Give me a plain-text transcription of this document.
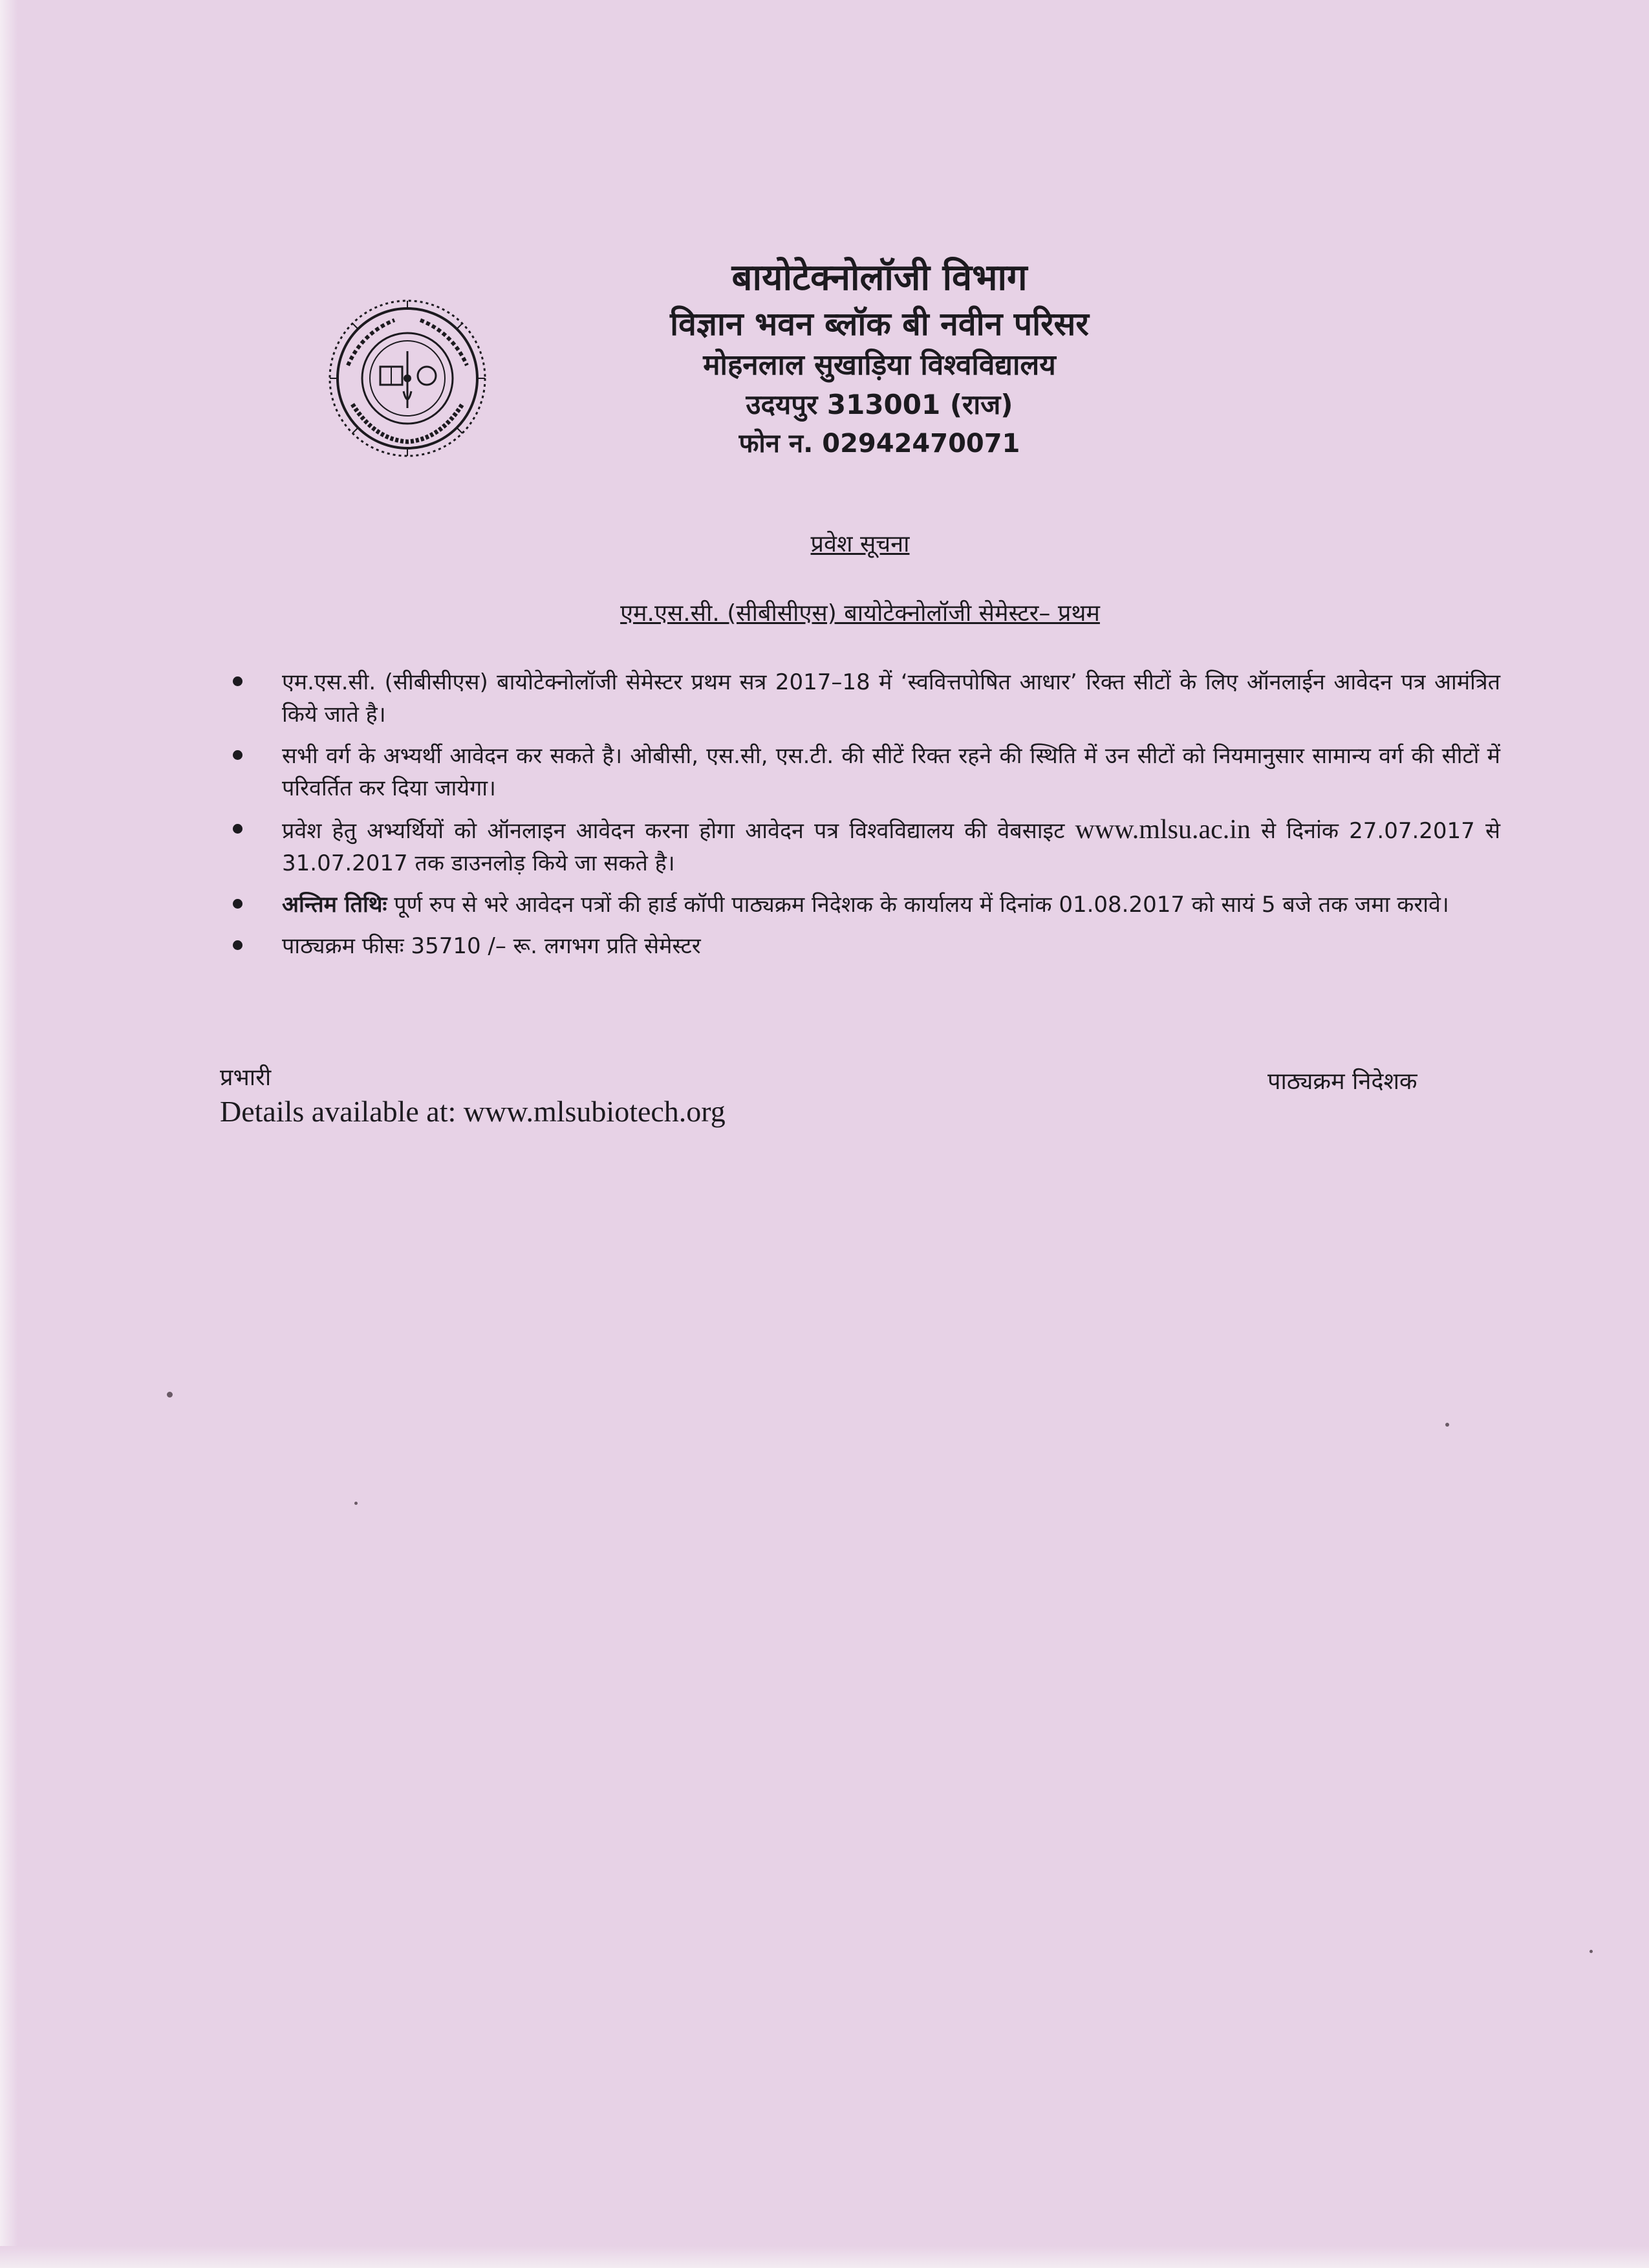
बायोटेक्नोलॉजी विभाग
विज्ञान भवन ब्लॉक बी नवीन परिसर
मोहनलाल सुखाड़िया विश्वविद्यालय
उदयपुर 313001 (राज)
फोन न. 02942470071
प्रवेश सूचना
एम.एस.सी. (सीबीसीएस) बायोटेक्नोलॉजी सेमेस्टर– प्रथम
एम.एस.सी. (सीबीसीएस) बायोटेक्नोलॉजी सेमेस्टर प्रथम सत्र 2017–18 में ‘स्ववित्तपोषित आधार’ रिक्त सीटों के लिए ऑनलाईन आवेदन पत्र आमंत्रित किये जाते है।
सभी वर्ग के अभ्यर्थी आवेदन कर सकते है। ओबीसी, एस.सी, एस.टी. की सीटें रिक्त रहने की स्थिति में उन सीटों को नियमानुसार सामान्य वर्ग की सीटों में परिवर्तित कर दिया जायेगा।
प्रवेश हेतु अभ्यर्थियों को ऑनलाइन आवेदन करना होगा आवेदन पत्र विश्वविद्यालय की वेबसाइट www.mlsu.ac.in से दिनांक 27.07.2017 से 31.07.2017 तक डाउनलोड़ किये जा सकते है।
अन्तिम तिथिः पूर्ण रुप से भरे आवेदन पत्रों की हार्ड कॉपी पाठ्यक्रम निदेशक के कार्यालय में दिनांक 01.08.2017 को सायं 5 बजे तक जमा करावे।
पाठ्यक्रम फीसः 35710 /– रू. लगभग प्रति सेमेस्टर
प्रभारी
Details available at: www.mlsubiotech.org
पाठ्यक्रम निदेशक
